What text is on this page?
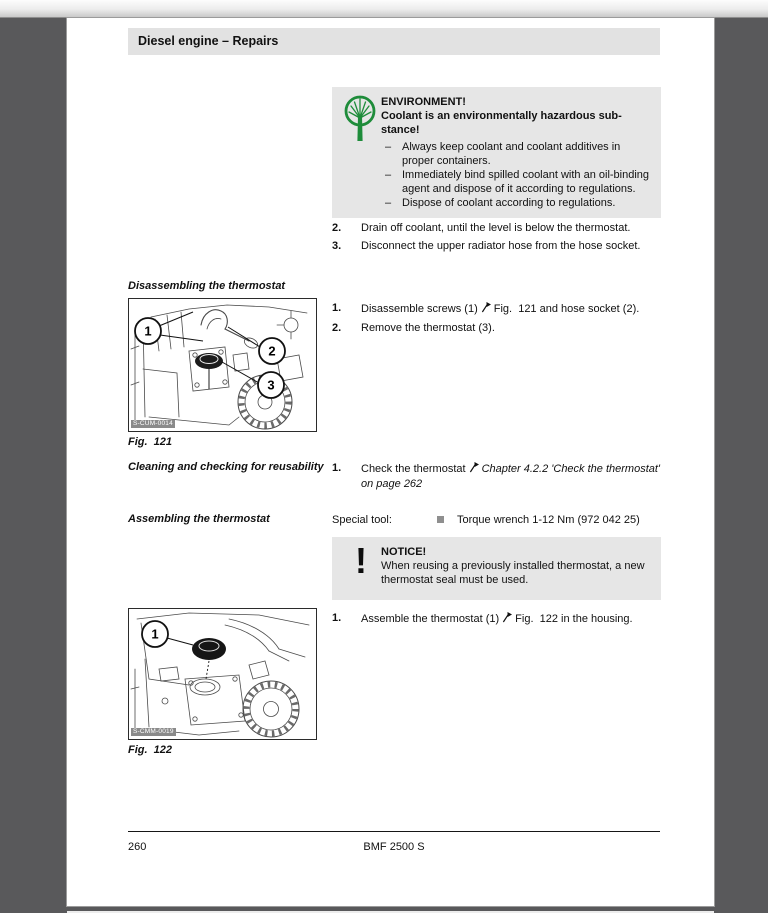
Diesel engine – Repairs
ENVIRONMENT!
Coolant is an environmentally hazardous substance!
– Always keep coolant and coolant additives in proper containers.
– Immediately bind spilled coolant with an oil-binding agent and dispose of it according to regulations.
– Dispose of coolant according to regulations.
2.	Drain off coolant, until the level is below the thermostat.
3.	Disconnect the upper radiator hose from the hose socket.
Disassembling the thermostat
1
2
3
S-CUM-0014
Fig.  121
1.	Disassemble screws (1) Fig.  121 and hose socket (2).
2.	Remove the thermostat (3).
Cleaning and checking for reusability 1.	Check the thermostat Chapter 4.2.2 'Check the thermostat' on page 262
Assembling the thermostat	Special tool:	Torque wrench 1-12 Nm (972 042 25)
!	NOTICE!
When reusing a previously installed thermostat, a new thermostat seal must be used.
1.	Assemble the thermostat (1) Fig.  122 in the housing.
1
S-CMM-0019
Fig.  122
260	BMF 2500 S
